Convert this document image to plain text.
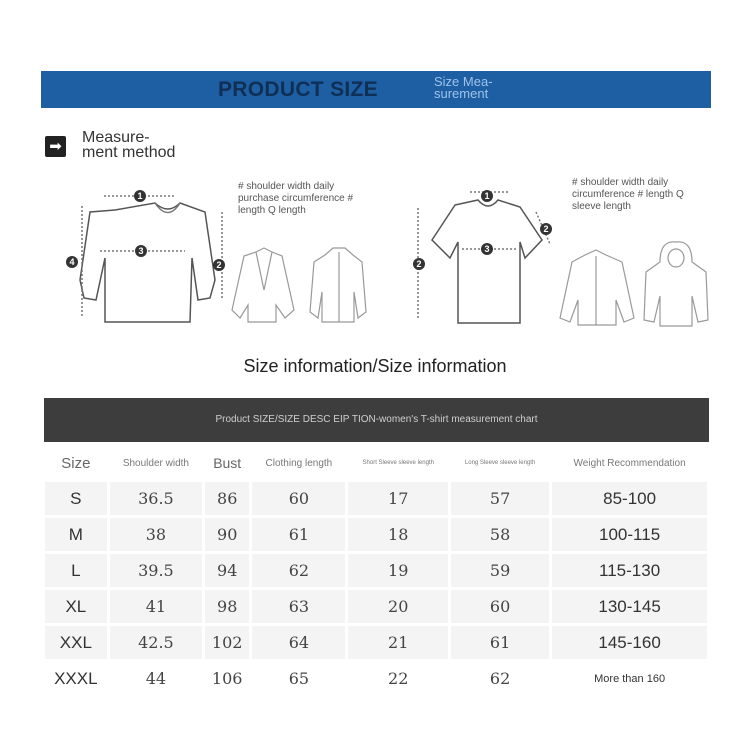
PRODUCT SIZE	Size Mea-
surement
➡
Measure-
ment method
# shoulder width daily purchase circumference # length Q length
# shoulder width daily circumference # length Q sleeve length
1
2
3
4
1
2
3
2
Size information/Size information
Product SIZE/SIZE DESC EIP TION-women's T-shirt measurement chart
Size	Shoulder width	Bust	Clothing length	Short Sleeve sleeve length	Long Sleeve sleeve length	Weight Recommendation
S	36.5	86	60	17	57	85-100
M	38	90	61	18	58	100-115
L	39.5	94	62	19	59	115-130
XL	41	98	63	20	60	130-145
XXL	42.5	102	64	21	61	145-160
XXXL	44	106	65	22	62	More than 160
